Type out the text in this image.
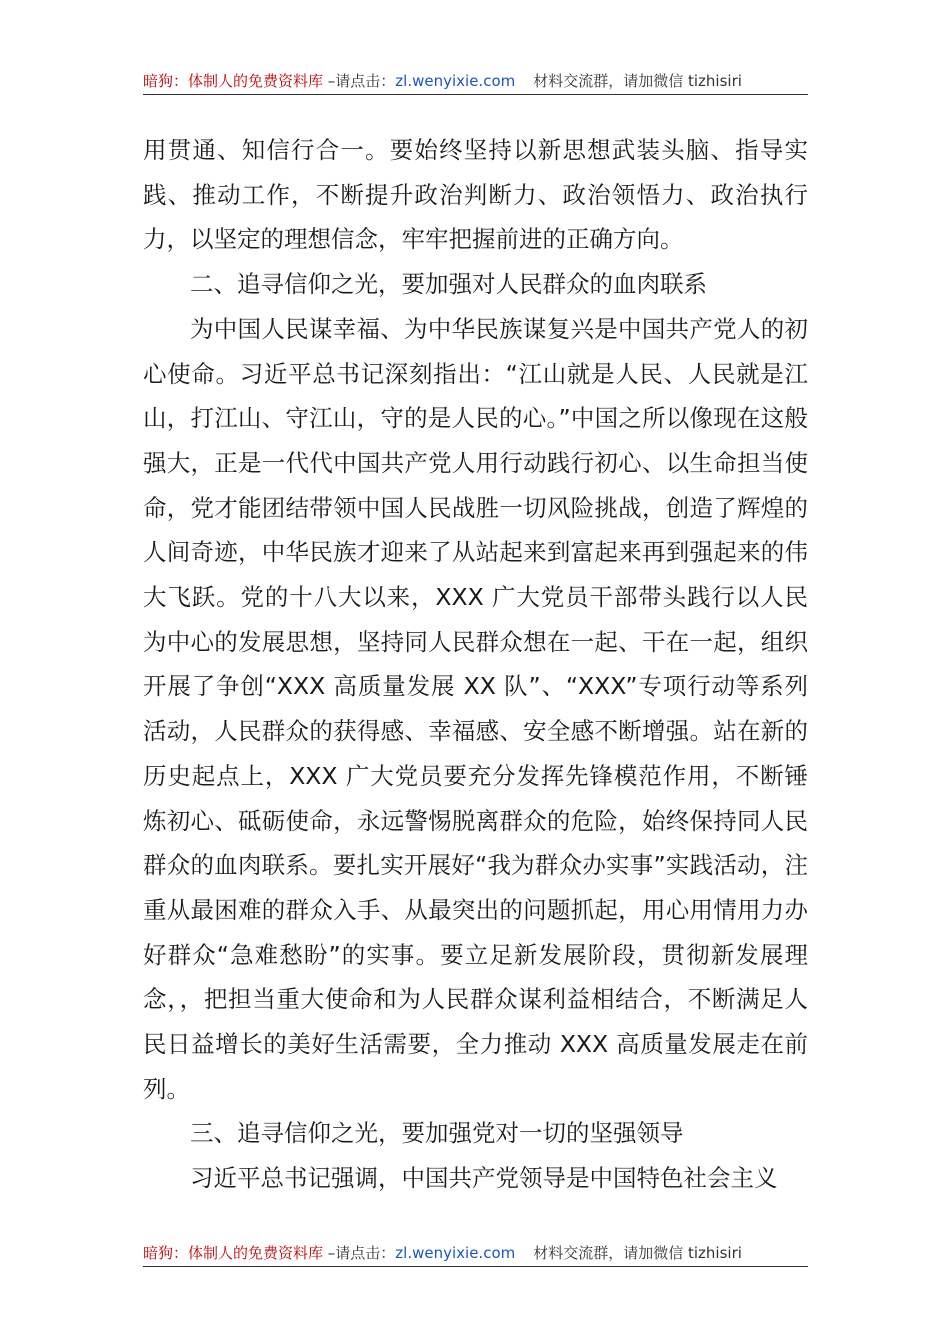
暗狗：体制人的免费资料库 –请点击：zl.wenyixie.com 材料交流群，请加微信 tizhisiri

用贯通、知信行合一。要始终坚持以新思想武装头脑、指导实践、推动工作，不断提升政治判断力、政治领悟力、政治执行力，以坚定的理想信念，牢牢把握前进的正确方向。

二、追寻信仰之光，要加强对人民群众的血肉联系

为中国人民谋幸福、为中华民族谋复兴是中国共产党人的初心使命。习近平总书记深刻指出：“江山就是人民、人民就是江山，打江山、守江山，守的是人民的心。”中国之所以像现在这般强大，正是一代代中国共产党人用行动践行初心、以生命担当使命，党才能团结带领中国人民战胜一切风险挑战，创造了辉煌的人间奇迹，中华民族才迎来了从站起来到富起来再到强起来的伟大飞跃。党的十八大以来，XXX 广大党员干部带头践行以人民为中心的发展思想，坚持同人民群众想在一起、干在一起，组织开展了争创“XXX 高质量发展 XX 队”、“XXX”专项行动等系列活动，人民群众的获得感、幸福感、安全感不断增强。站在新的历史起点上，XXX 广大党员要充分发挥先锋模范作用，不断锤炼初心、砥砺使命，永远警惕脱离群众的危险，始终保持同人民群众的血肉联系。要扎实开展好“我为群众办实事”实践活动，注重从最困难的群众入手、从最突出的问题抓起，用心用情用力办好群众“急难愁盼”的实事。要立足新发展阶段，贯彻新发展理念，，把担当重大使命和为人民群众谋利益相结合，不断满足人民日益增长的美好生活需要，全力推动 XXX 高质量发展走在前列。

三、追寻信仰之光，要加强党对一切的坚强领导

习近平总书记强调，中国共产党领导是中国特色社会主义

暗狗：体制人的免费资料库 –请点击：zl.wenyixie.com 材料交流群，请加微信 tizhisiri
